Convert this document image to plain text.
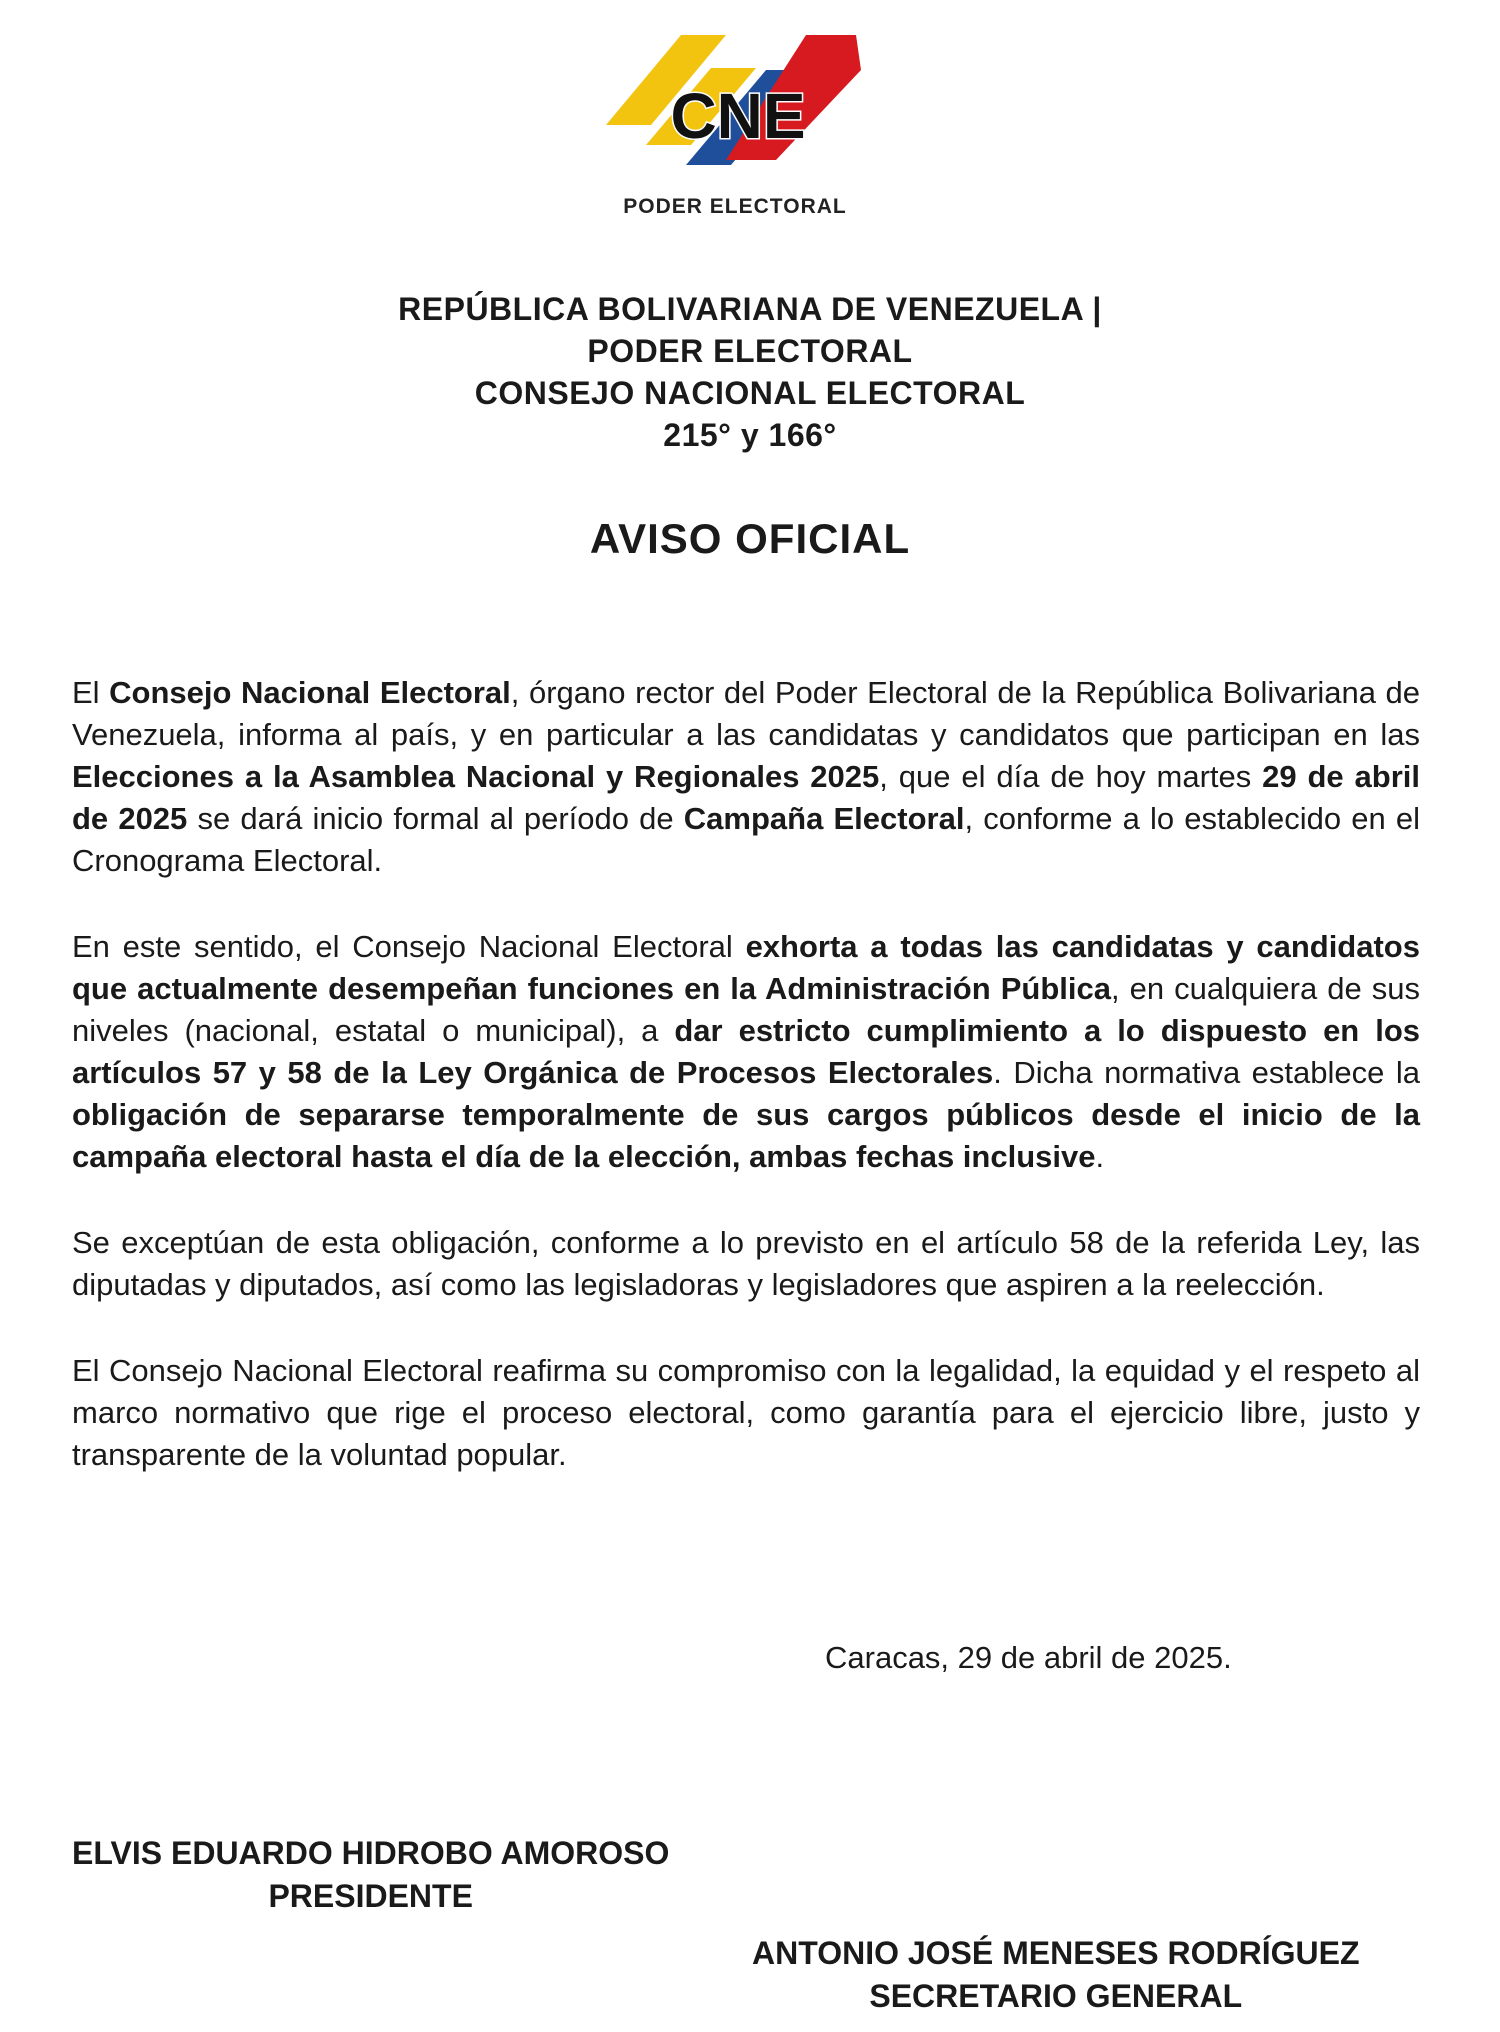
CNE
PODER ELECTORAL
REPÚBLICA BOLIVARIANA DE VENEZUELA |
PODER ELECTORAL
CONSEJO NACIONAL ELECTORAL
215° y 166°
AVISO OFICIAL

El Consejo Nacional Electoral, órgano rector del Poder Electoral de la República Bolivariana de Venezuela, informa al país, y en particular a las candidatas y candidatos que participan en las Elecciones a la Asamblea Nacional y Regionales 2025, que el día de hoy martes 29 de abril de 2025 se dará inicio formal al período de Campaña Electoral, conforme a lo establecido en el Cronograma Electoral.

En este sentido, el Consejo Nacional Electoral exhorta a todas las candidatas y candidatos que actualmente desempeñan funciones en la Administración Pública, en cualquiera de sus niveles (nacional, estatal o municipal), a dar estricto cumplimiento a lo dispuesto en los artículos 57 y 58 de la Ley Orgánica de Procesos Electorales. Dicha normativa establece la obligación de separarse temporalmente de sus cargos públicos desde el inicio de la campaña electoral hasta el día de la elección, ambas fechas inclusive.

Se exceptúan de esta obligación, conforme a lo previsto en el artículo 58 de la referida Ley, las diputadas y diputados, así como las legisladoras y legisladores que aspiren a la reelección.

El Consejo Nacional Electoral reafirma su compromiso con la legalidad, la equidad y el respeto al marco normativo que rige el proceso electoral, como garantía para el ejercicio libre, justo y transparente de la voluntad popular.

Caracas, 29 de abril de 2025.
ELVIS EDUARDO HIDROBO AMOROSO
PRESIDENTE
ANTONIO JOSÉ MENESES RODRÍGUEZ
SECRETARIO GENERAL
